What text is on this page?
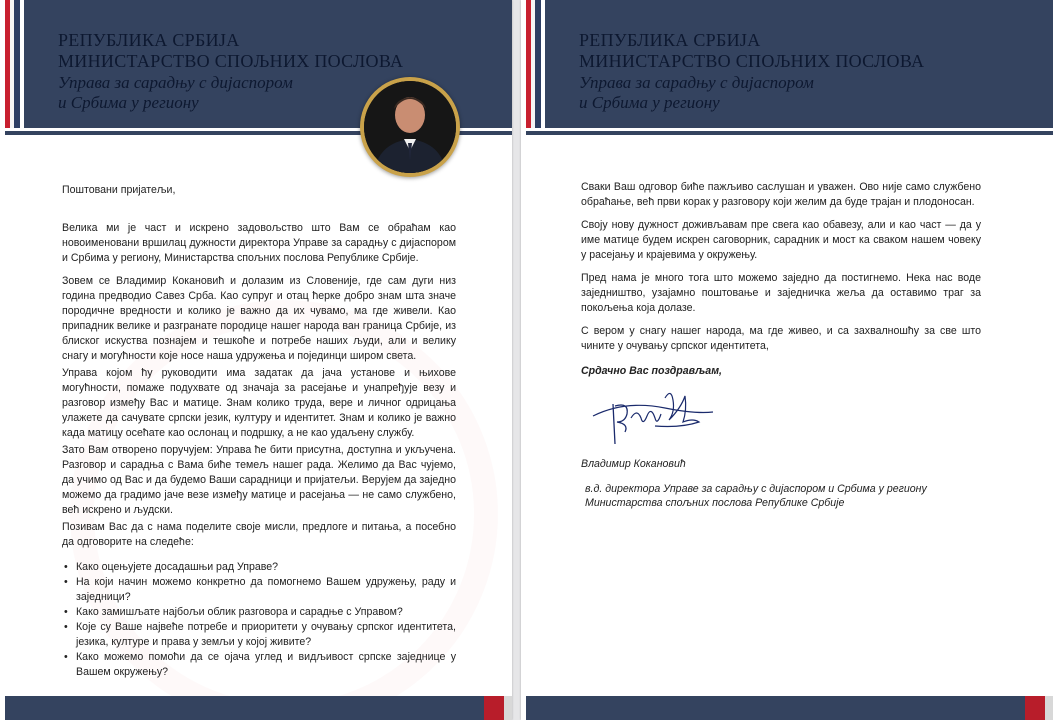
РЕПУБЛИКА СРБИЈА
МИНИСТАРСТВО СПОЉНИХ ПОСЛОВА
Управа за сарадњу с дијаспором
и Србима у региону
Поштовани пријатељи,

Велика ми је част и искрено задовољство што Вам се обраћам као новоименовани вршилац дужности директора Управе за сарадњу с дијаспором и Србима у региону, Министарства спољних послова Републике Србије.

Зовем се Владимир Кокановић и долазим из Словеније, где сам дуги низ година предводио Савез Срба. Као супруг и отац ћерке добро знам шта значе породичне вредности и колико је важно да их чувамо, ма где живели. Као припадник велике и разгранате породице нашег народа ван граница Србије, из блиског искуства познајем и тешкоће и потребе наших људи, али и велику снагу и могућности које носе наша удружења и појединци широм света.

Управа којом ћу руководити има задатак да јача установе и њихове могућности, помаже подухвате од значаја за расејање и унапређује везу и разговор између Вас и матице. Знам колико труда, вере и личног одрицања улажете да сачувате српски језик, културу и идентитет. Знам и колико је важно када матицу осећате као ослонац и подршку, а не као удаљену службу.

Зато Вам отворено поручујем: Управа ће бити присутна, доступна и укључена. Разговор и сарадња с Вама биће темељ нашег рада. Желимо да Вас чујемо, да учимо од Вас и да будемо Ваши сарадници и пријатељи. Верујем да заједно можемо да градимо јаче везе између матице и расејања — не само службено, већ искрено и људски.

Позивам Вас да с нама поделите своје мисли, предлоге и питања, а посебно да одговорите на следеће:

• Како оцењујете досадашњи рад Управе?
• На који начин можемо конкретно да помогнемо Вашем удружењу, раду и заједници?
• Како замишљате најбољи облик разговора и сарадње с Управом?
• Које су Ваше највеће потребе и приоритети у очувању српског идентитета, језика, културе и права у земљи у којој живите?
• Како можемо помоћи да се ојача углед и видљивост српске заједнице у Вашем окружењу?
РЕПУБЛИКА СРБИЈА
МИНИСТАРСТВО СПОЉНИХ ПОСЛОВА
Управа за сарадњу с дијаспором
и Србима у региону

Сваки Ваш одговор биће пажљиво саслушан и уважен. Ово није само службено обраћање, већ први корак у разговору који желим да буде трајан и плодоносан.

Своју нову дужност доживљавам пре свега као обавезу, али и као част — да у име матице будем искрен саговорник, сарадник и мост ка сваком нашем човеку у расејању и крајевима у окружењу.

Пред нама је много тога што можемо заједно да постигнемо. Нека нас воде заједништво, узајамно поштовање и заједничка жеља да оставимо траг за покољења која долазе.

С вером у снагу нашег народа, ма где живео, и са захвалношћу за све што чините у очувању српског идентитета,

Срдачно Вас поздрављам,
Владимир Кокановић
в.д. директора Управе за сарадњу с дијаспором и Србима у региону
Министарства спољних послова Републике Србије
